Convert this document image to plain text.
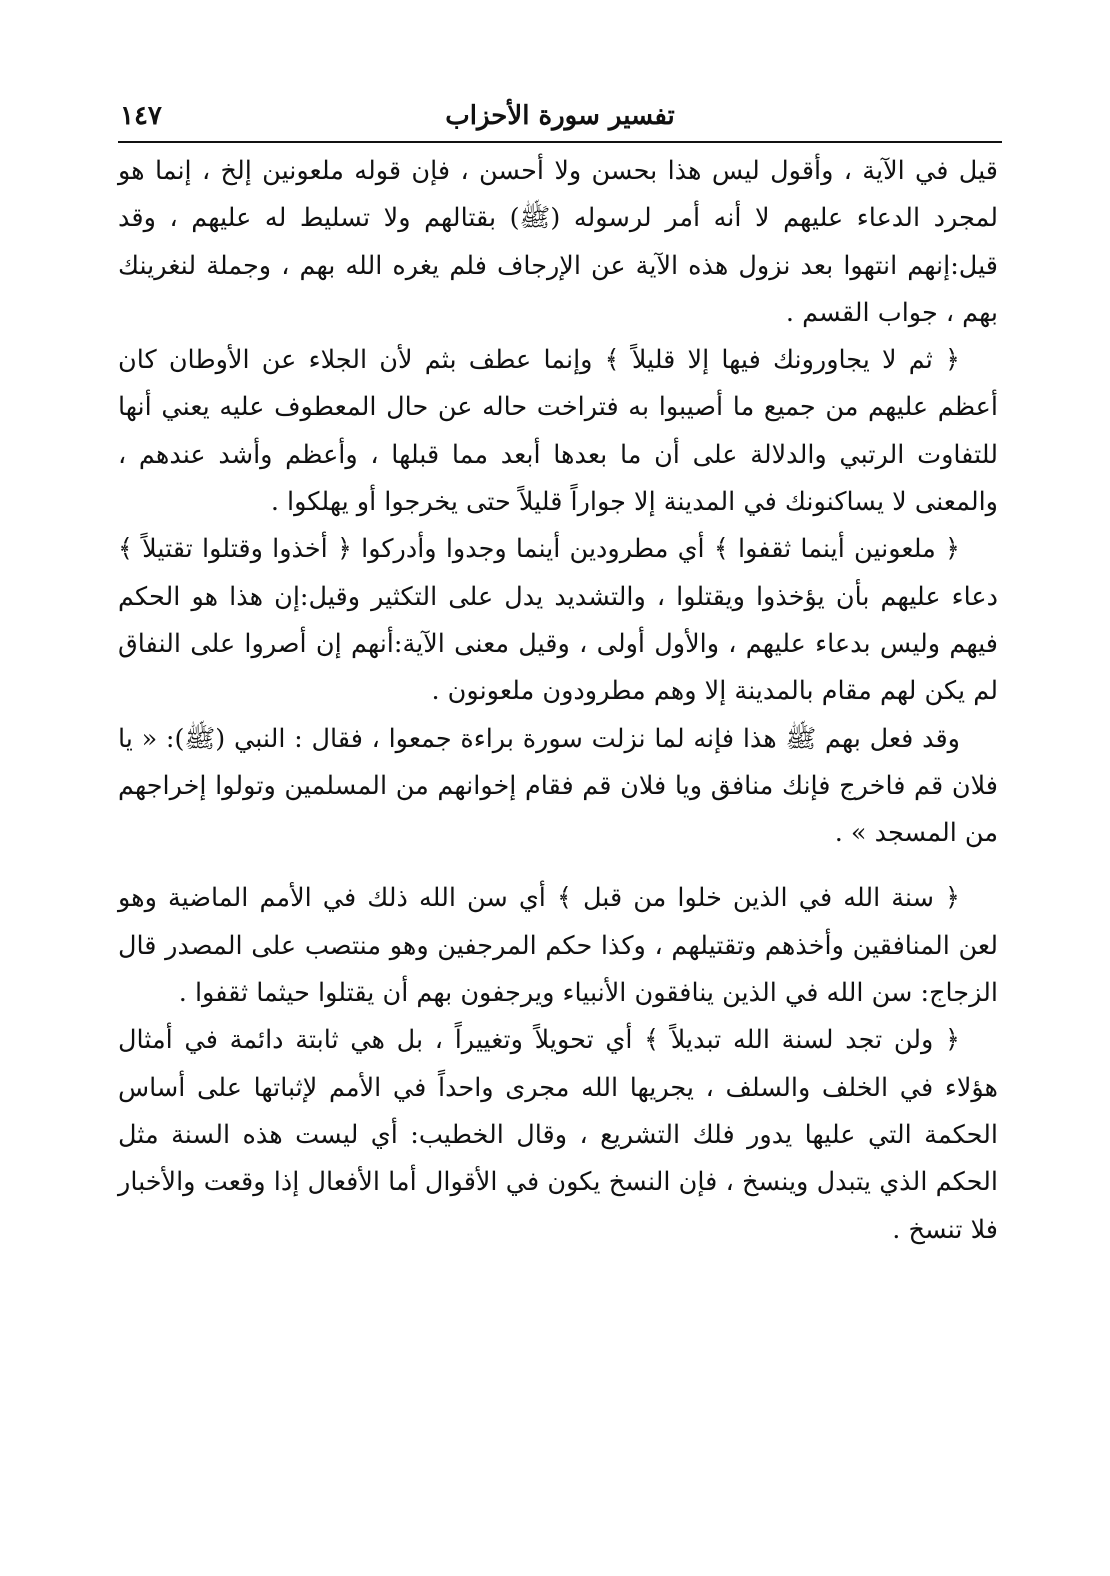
تفسير سورة الأحزاب
١٤٧

قيل في الآية ، وأقول ليس هذا بحسن ولا أحسن ، فإن قوله ملعونين إلخ ، إنما هو لمجرد الدعاء عليهم لا أنه أمر لرسوله (ﷺ) بقتالهم ولا تسليط له عليهم ، وقد قيل:إنهم انتهوا بعد نزول هذه الآية عن الإرجاف فلم يغره الله بهم ، وجملة لنغرينك بهم ، جواب القسم .

﴿ ثم لا يجاورونك فيها إلا قليلاً ﴾ وإنما عطف بثم لأن الجلاء عن الأوطان كان أعظم عليهم من جميع ما أصيبوا به فتراخت حاله عن حال المعطوف عليه يعني أنها للتفاوت الرتبي والدلالة على أن ما بعدها أبعد مما قبلها ، وأعظم وأشد عندهم ، والمعنى لا يساكنونك في المدينة إلا جواراً قليلاً حتى يخرجوا أو يهلكوا .

﴿ ملعونين أينما ثقفوا ﴾ أي مطرودين أينما وجدوا وأدركوا ﴿ أخذوا وقتلوا تقتيلاً ﴾ دعاء عليهم بأن يؤخذوا ويقتلوا ، والتشديد يدل على التكثير وقيل:إن هذا هو الحكم فيهم وليس بدعاء عليهم ، والأول أولى ، وقيل معنى الآية:أنهم إن أصروا على النفاق لم يكن لهم مقام بالمدينة إلا وهم مطرودون ملعونون .

وقد فعل بهم ﷺ هذا فإنه لما نزلت سورة براءة جمعوا ، فقال : النبي (ﷺ): « يا فلان قم فاخرج فإنك منافق ويا فلان قم فقام إخوانهم من المسلمين وتولوا إخراجهم من المسجد » .

﴿ سنة الله في الذين خلوا من قبل ﴾ أي سن الله ذلك في الأمم الماضية وهو لعن المنافقين وأخذهم وتقتيلهم ، وكذا حكم المرجفين وهو منتصب على المصدر قال الزجاج: سن الله في الذين ينافقون الأنبياء ويرجفون بهم أن يقتلوا حيثما ثقفوا .

﴿ ولن تجد لسنة الله تبديلاً ﴾ أي تحويلاً وتغييراً ، بل هي ثابتة دائمة في أمثال هؤلاء في الخلف والسلف ، يجريها الله مجرى واحداً في الأمم لإثباتها على أساس الحكمة التي عليها يدور فلك التشريع ، وقال الخطيب: أي ليست هذه السنة مثل الحكم الذي يتبدل وينسخ ، فإن النسخ يكون في الأقوال أما الأفعال إذا وقعت والأخبار فلا تنسخ .
